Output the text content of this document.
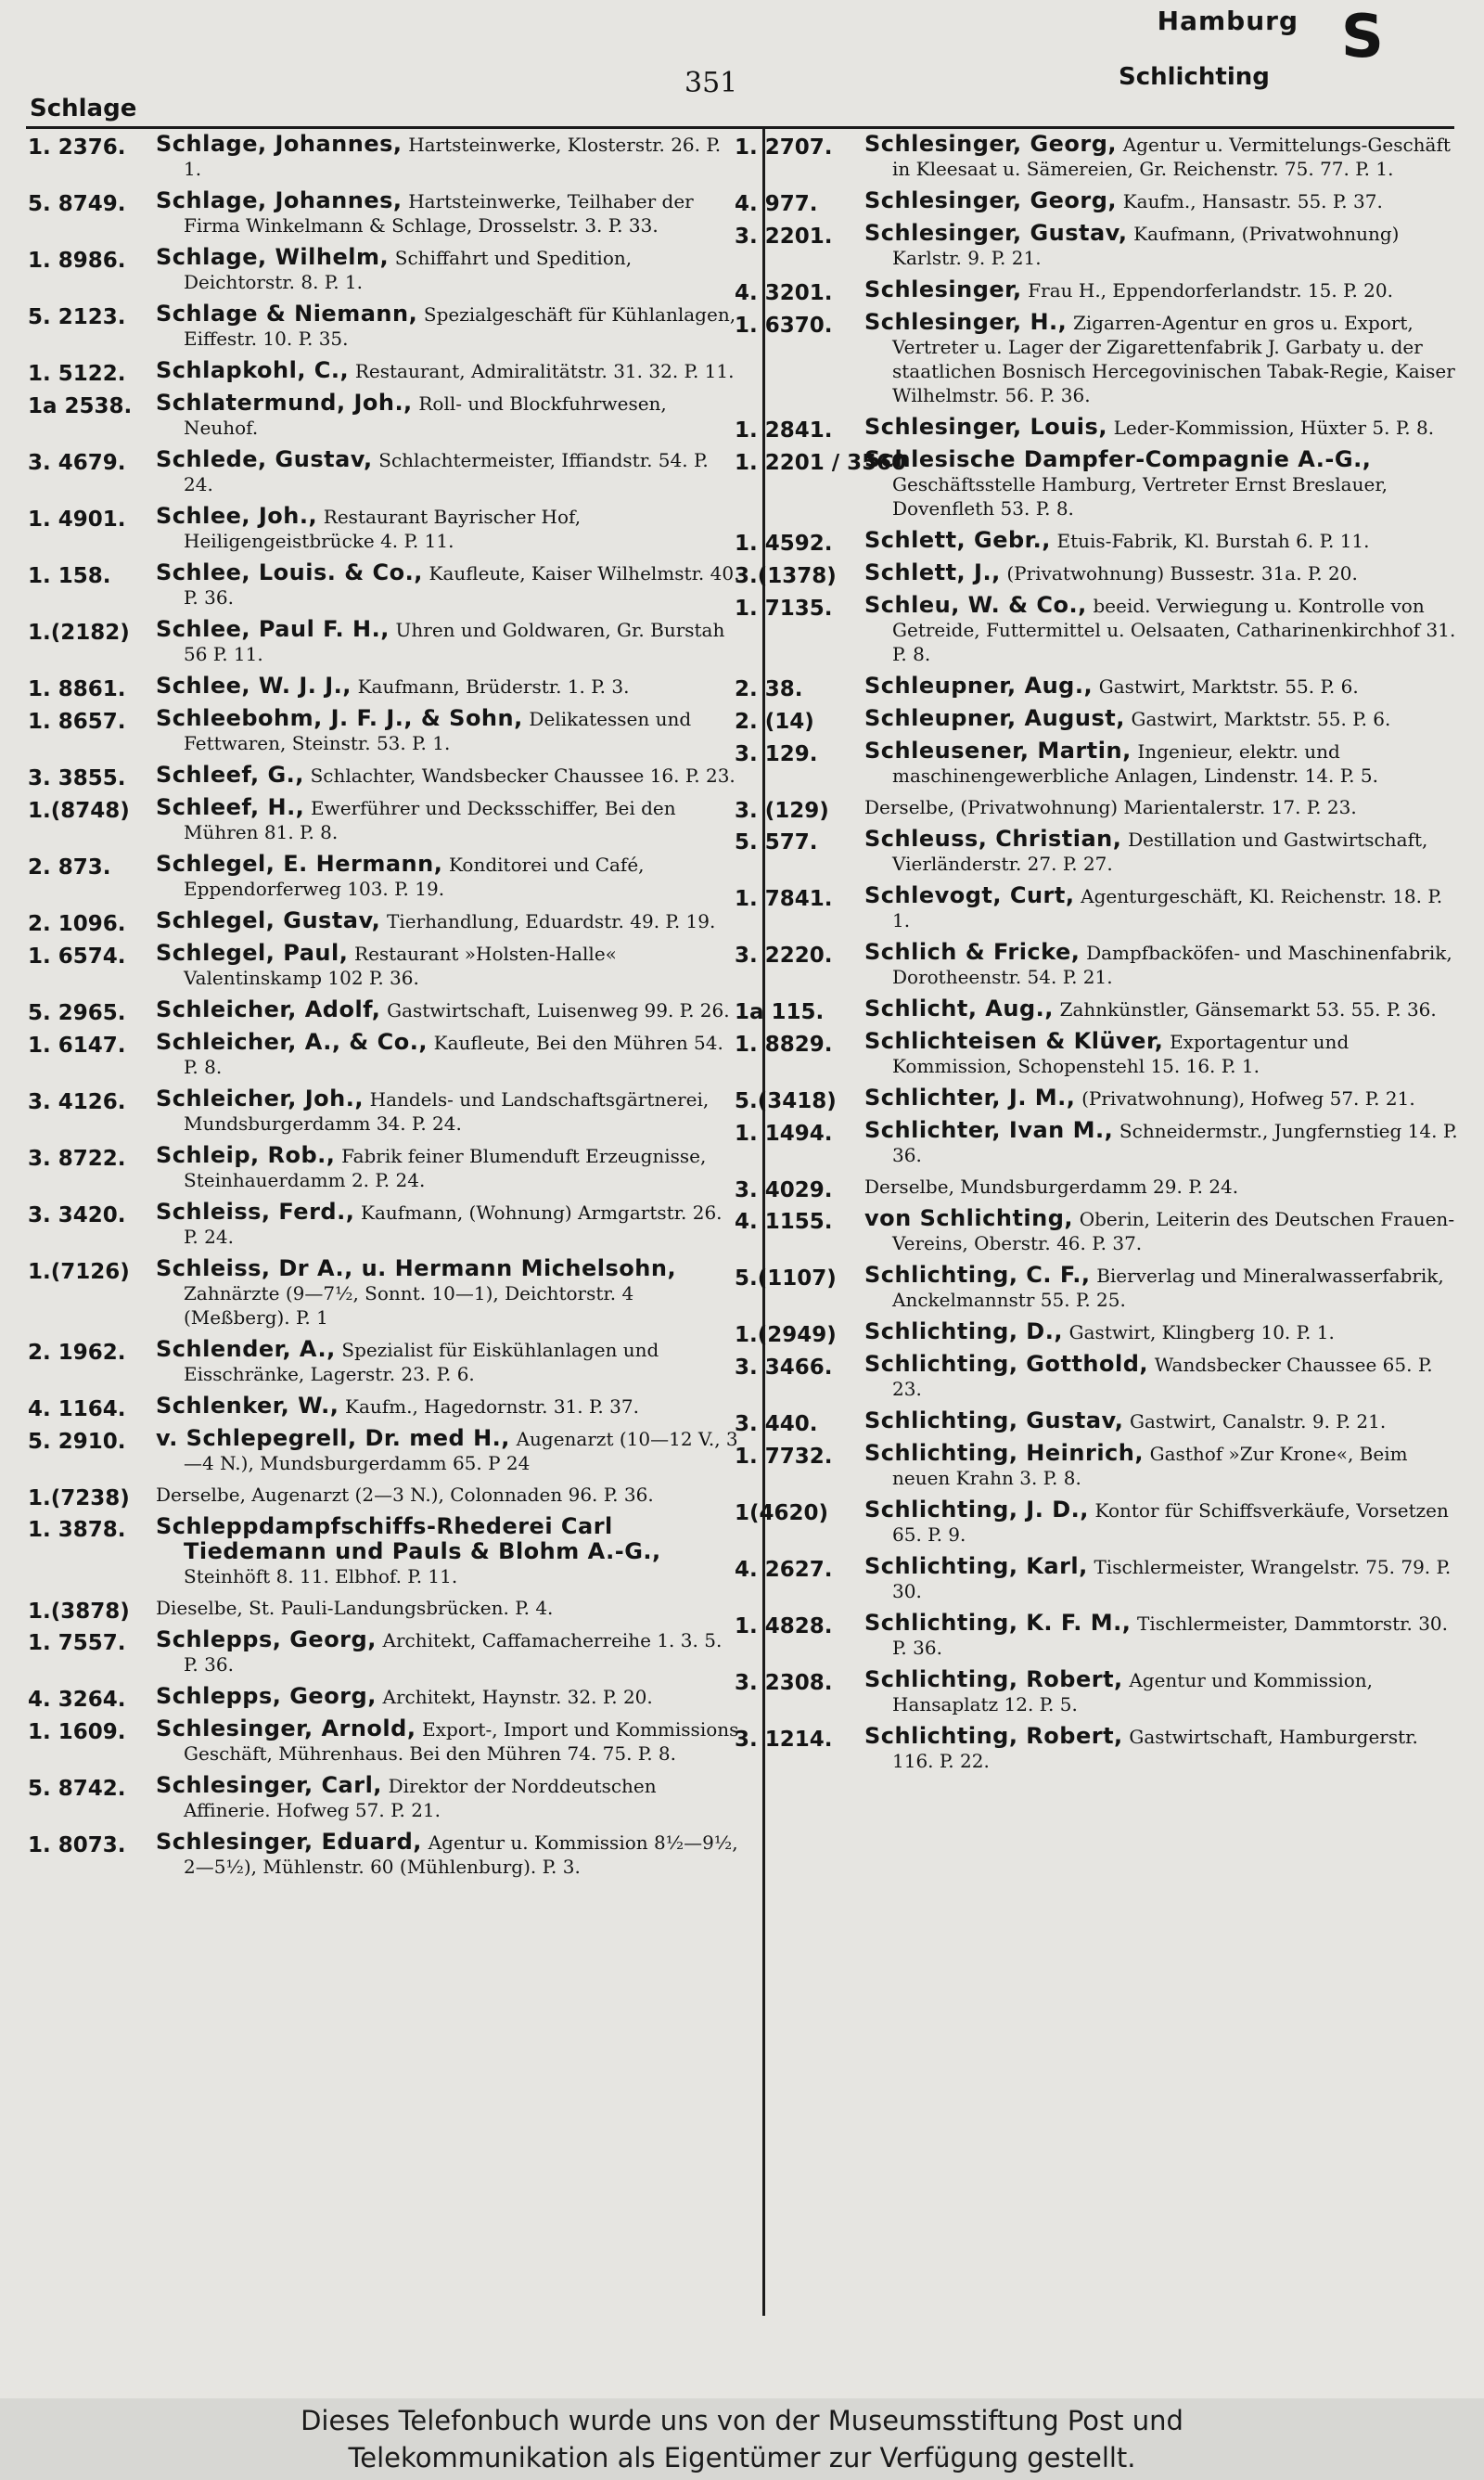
Hamburg S
351
Schlage
Schlichting
1. 2376. Schlage, Johannes, Hartsteinwerke, Klosterstr. 26. P. 1.
5. 8749. Schlage, Johannes, Hartsteinwerke, Teilhaber der Firma Winkelmann & Schlage, Drosselstr. 3. P. 33.
1. 8986. Schlage, Wilhelm, Schiffahrt und Spedition, Deichtorstr. 8. P. 1.
5. 2123. Schlage & Niemann, Spezialgeschäft für Kühlanlagen, Eiffestr. 10. P. 35.
1. 5122. Schlapkohl, C., Restaurant, Admiralitätstr. 31. 32. P. 11.
1a 2538. Schlatermund, Joh., Roll- und Blockfuhrwesen, Neuhof.
3. 4679. Schlede, Gustav, Schlachtermeister, Iffiandstr. 54. P. 24.
1. 4901. Schlee, Joh., Restaurant Bayrischer Hof, Heiligengeistbrücke 4. P. 11.
1. 158. Schlee, Louis. & Co., Kaufleute, Kaiser Wilhelmstr. 40. P. 36.
1.(2182) Schlee, Paul F. H., Uhren und Goldwaren, Gr. Burstah 56 P. 11.
1. 8861. Schlee, W. J. J., Kaufmann, Brüderstr. 1. P. 3.
1. 8657. Schleebohm, J. F. J., & Sohn, Delikatessen und Fettwaren, Steinstr. 53. P. 1.
3. 3855. Schleef, G., Schlachter, Wandsbecker Chaussee 16. P. 23.
1.(8748) Schleef, H., Ewerführer und Decksschiffer, Bei den Mühren 81. P. 8.
2. 873. Schlegel, E. Hermann, Konditorei und Café, Eppendorferweg 103. P. 19.
2. 1096. Schlegel, Gustav, Tierhandlung, Eduardstr. 49. P. 19.
1. 6574. Schlegel, Paul, Restaurant »Holsten-Halle« Valentinskamp 102 P. 36.
5. 2965. Schleicher, Adolf, Gastwirtschaft, Luisenweg 99. P. 26.
1. 6147. Schleicher, A., & Co., Kaufleute, Bei den Mühren 54. P. 8.
3. 4126. Schleicher, Joh., Handels- und Landschaftsgärtnerei, Mundsburgerdamm 34. P. 24.
3. 8722. Schleip, Rob., Fabrik feiner Blumenduft Erzeugnisse, Steinhauerdamm 2. P. 24.
3. 3420. Schleiss, Ferd., Kaufmann, (Wohnung) Armgartstr. 26. P. 24.
1.(7126) Schleiss, Dr A., u. Hermann Michelsohn, Zahnärzte (9—7½, Sonnt. 10—1), Deichtorstr. 4 (Meßberg). P. 1
2. 1962. Schlender, A., Spezialist für Eiskühlanlagen und Eisschränke, Lagerstr. 23. P. 6.
4. 1164. Schlenker, W., Kaufm., Hagedornstr. 31. P. 37.
5. 2910. v. Schlepegrell, Dr. med H., Augenarzt (10—12 V., 3—4 N.), Mundsburgerdamm 65. P 24
1.(7238) Derselbe, Augenarzt (2—3 N.), Colonnaden 96. P. 36.
1. 3878. Schleppdampfschiffs-Rhederei Carl Tiedemann und Pauls & Blohm A.-G., Steinhöft 8. 11. Elbhof. P. 11.
1.(3878) Dieselbe, St. Pauli-Landungsbrücken. P. 4.
1. 7557. Schlepps, Georg, Architekt, Caffamacherreihe 1. 3. 5. P. 36.
4. 3264. Schlepps, Georg, Architekt, Haynstr. 32. P. 20.
1. 1609. Schlesinger, Arnold, Export-, Import und Kommissions Geschäft, Mührenhaus. Bei den Mühren 74. 75. P. 8.
5. 8742. Schlesinger, Carl, Direktor der Norddeutschen Affinerie. Hofweg 57. P. 21.
1. 8073. Schlesinger, Eduard, Agentur u. Kommission 8½—9½, 2—5½), Mühlenstr. 60 (Mühlenburg). P. 3.
1. 2707. Schlesinger, Georg, Agentur u. Vermittelungs-Geschäft in Kleesaat u. Sämereien, Gr. Reichenstr. 75. 77. P. 1.
4. 977. Schlesinger, Georg, Kaufm., Hansastr. 55. P. 37.
3. 2201. Schlesinger, Gustav, Kaufmann, (Privatwohnung) Karlstr. 9. P. 21.
4. 3201. Schlesinger, Frau H., Eppendorferlandstr. 15. P. 20.
1. 6370. Schlesinger, H., Zigarren-Agentur en gros u. Export, Vertreter u. Lager der Zigarettenfabrik J. Garbaty u. der staatlichen Bosnisch Hercegovinischen Tabak-Regie, Kaiser Wilhelmstr. 56. P. 36.
1. 2841. Schlesinger, Louis, Leder-Kommission, Hüxter 5. P. 8.
1. 2201 / 3560
Schlesische Dampfer-Compagnie A.-G., Geschäftsstelle Hamburg, Vertreter Ernst Breslauer, Dovenfleth 53. P. 8.
1. 4592. Schlett, Gebr., Etuis-Fabrik, Kl. Burstah 6. P. 11.
3.(1378) Schlett, J., (Privatwohnung) Bussestr. 31a. P. 20.
1. 7135. Schleu, W. & Co., beeid. Verwiegung u. Kontrolle von Getreide, Futtermittel u. Oelsaaten, Catharinenkirchhof 31. P. 8.
2. 38.	Schleupner, Aug., Gastwirt, Marktstr. 55. P. 6.
2. (14) Schleupner, August, Gastwirt, Marktstr. 55. P. 6.
3. 129. Schleusener, Martin, Ingenieur, elektr. und maschinengewerbliche Anlagen, Lindenstr. 14. P. 5.
3. (129) Derselbe, (Privatwohnung) Marientalerstr. 17. P. 23.
5. 577. Schleuss, Christian, Destillation und Gastwirtschaft, Vierländerstr. 27. P. 27.
1. 7841. Schlevogt, Curt, Agenturgeschäft, Kl. Reichenstr. 18. P. 1.
3. 2220. Schlich & Fricke, Dampfbacköfen- und Maschinenfabrik, Dorotheenstr. 54. P. 21.
1a 115. Schlicht, Aug., Zahnkünstler, Gänsemarkt 53. 55. P. 36.
1. 8829. Schlichteisen & Klüver, Exportagentur und Kommission, Schopenstehl 15. 16. P. 1.
5.(3418) Schlichter, J. M., (Privatwohnung), Hofweg 57. P. 21.
1. 1494. Schlichter, Ivan M., Schneidermstr., Jungfernstieg 14. P. 36.
3. 4029. Derselbe, Mundsburgerdamm 29. P. 24.
4. 1155. von Schlichting, Oberin, Leiterin des Deutschen Frauen-Vereins, Oberstr. 46. P. 37.
5.(1107) Schlichting, C. F., Bierverlag und Mineralwasserfabrik, Anckelmannstr 55. P. 25.
1.(2949) Schlichting, D., Gastwirt, Klingberg 10. P. 1.
3. 3466. Schlichting, Gotthold, Wandsbecker Chaussee 65. P. 23.
3. 440. Schlichting, Gustav, Gastwirt, Canalstr. 9. P. 21.
1. 7732. Schlichting, Heinrich, Gasthof »Zur Krone«, Beim neuen Krahn 3. P. 8.
1(4620) Schlichting, J. D., Kontor für Schiffsverkäufe, Vorsetzen 65. P. 9.
4. 2627. Schlichting, Karl, Tischlermeister, Wrangelstr. 75. 79. P. 30.
1. 4828. Schlichting, K. F. M., Tischlermeister, Dammtorstr. 30. P. 36.
3. 2308. Schlichting, Robert, Agentur und Kommission, Hansaplatz 12. P. 5.
3. 1214. Schlichting, Robert, Gastwirtschaft, Hamburgerstr. 116. P. 22.
Dieses Telefonbuch wurde uns von der Museumsstiftung Post und
Telekommunikation als Eigentümer zur Verfügung gestellt.
